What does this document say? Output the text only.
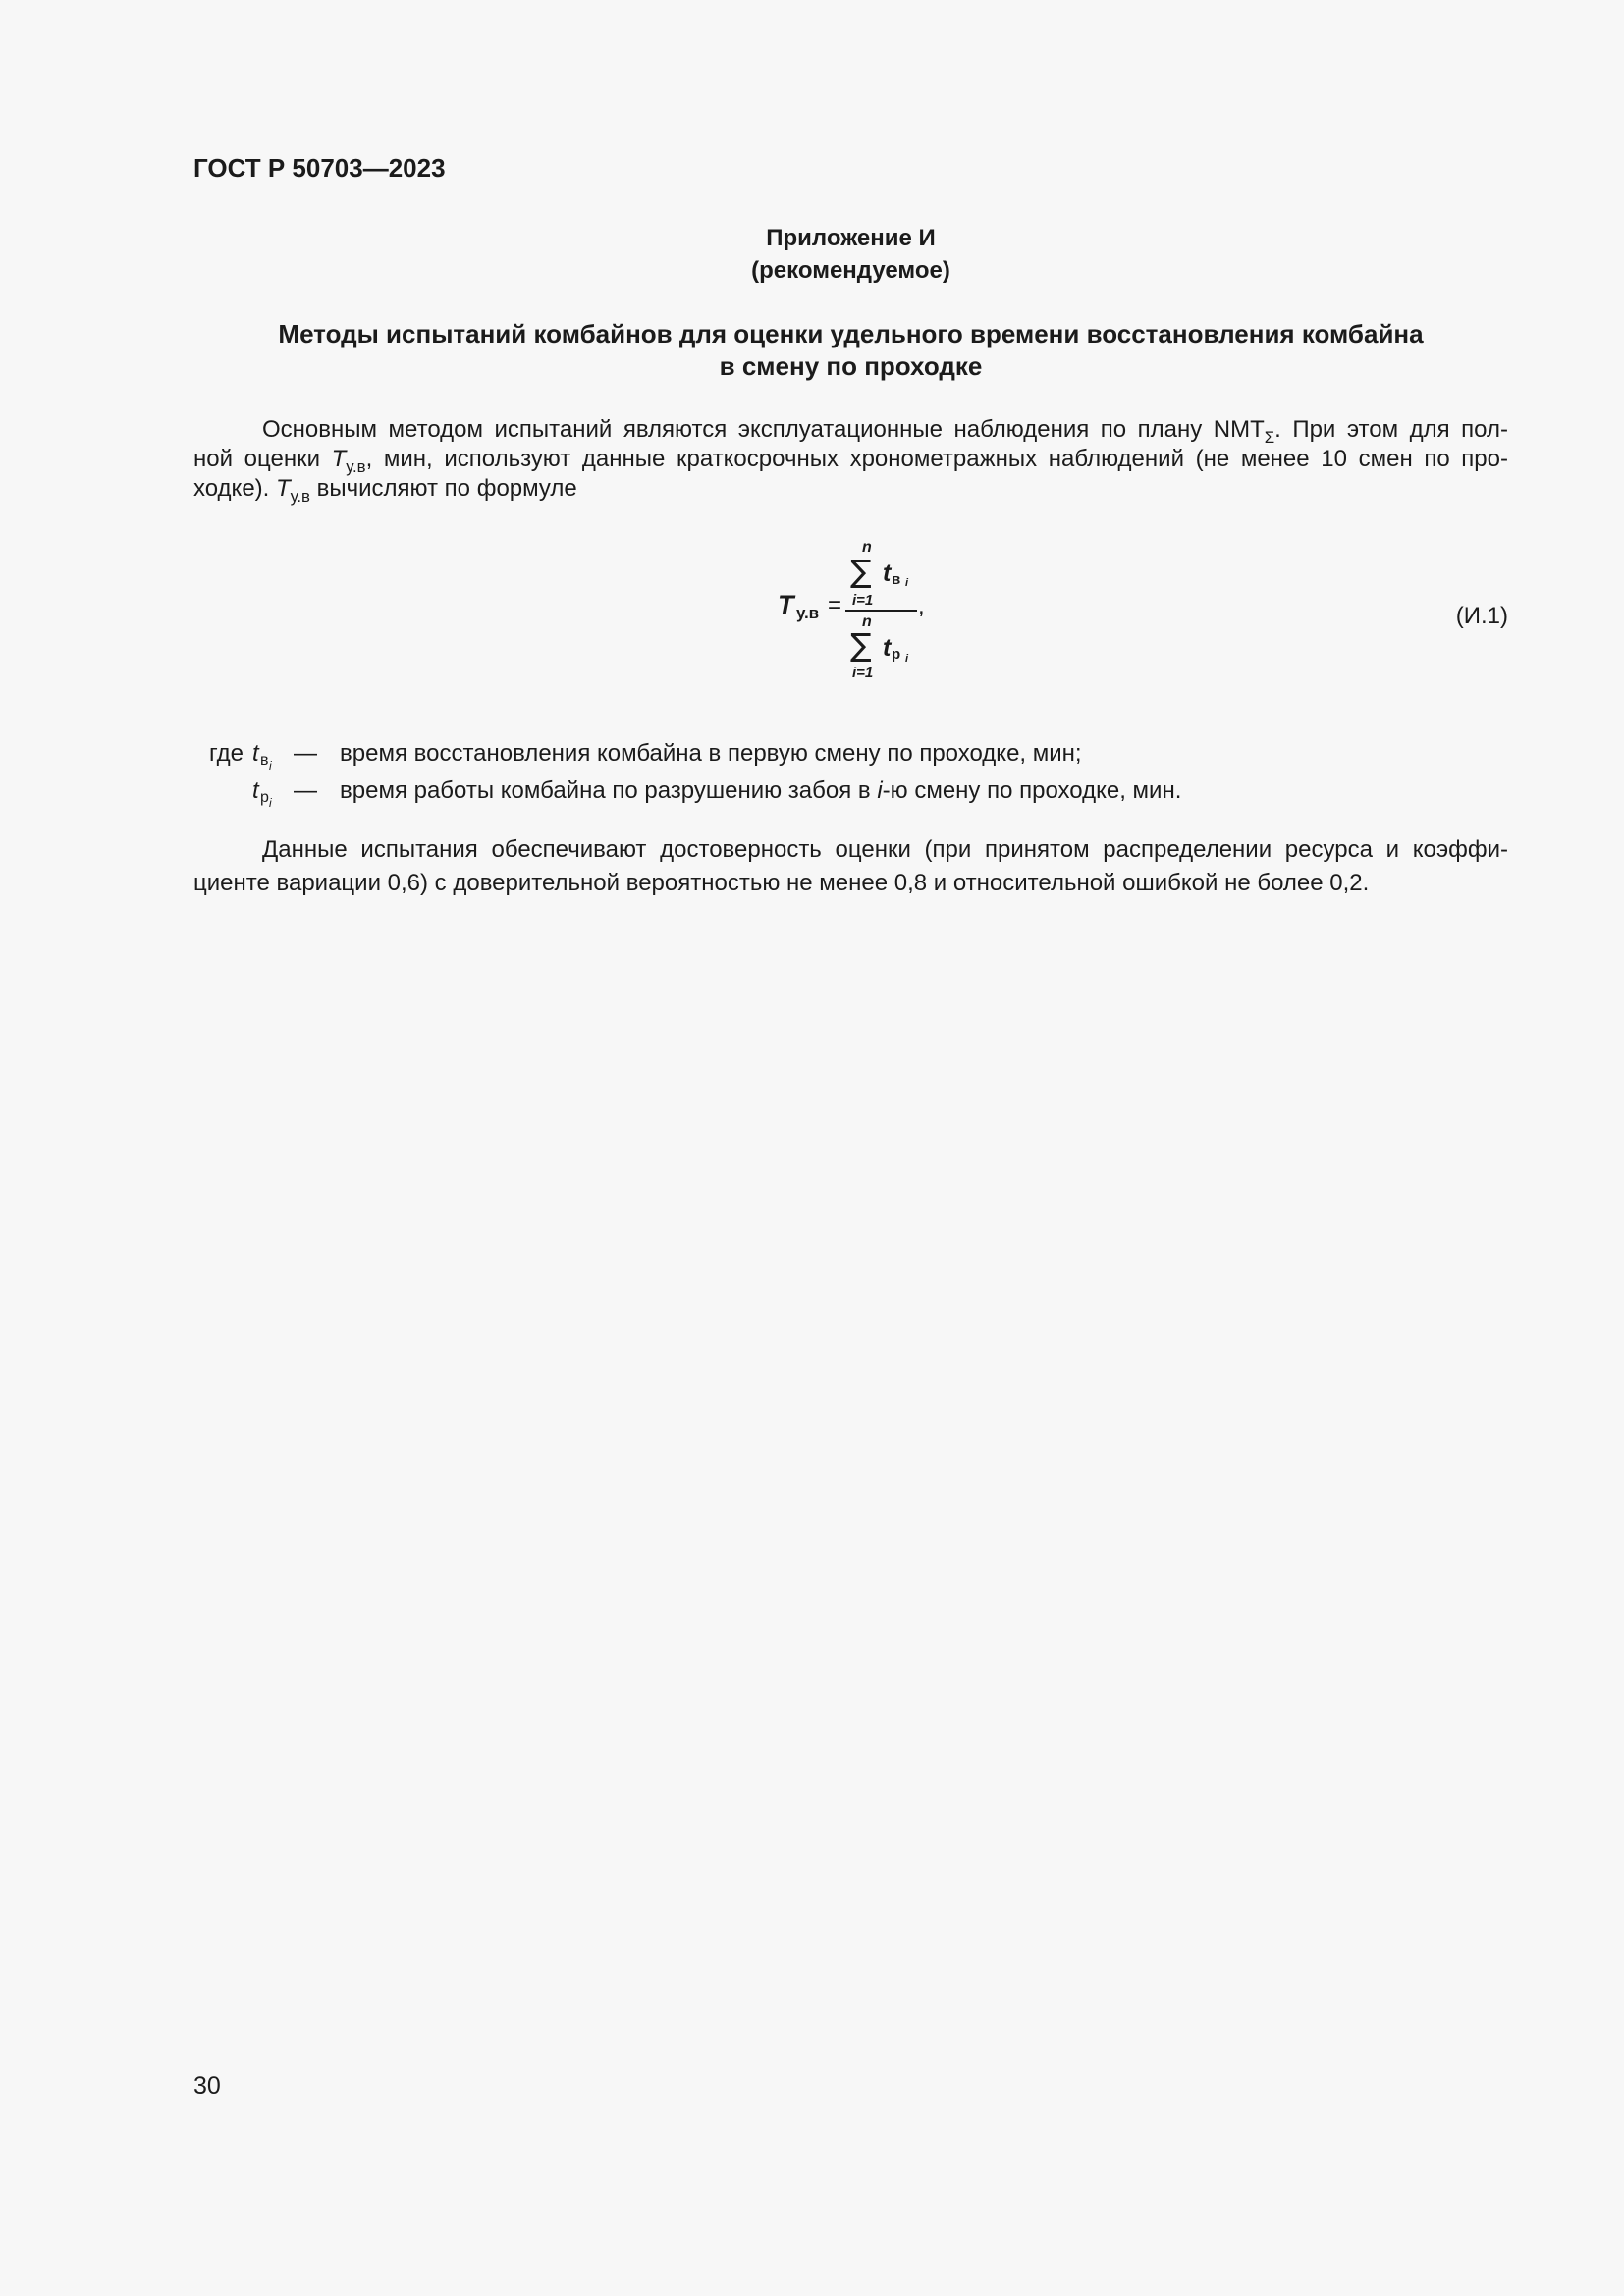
ГОСТ Р 50703—2023
Приложение И
(рекомендуемое)
Методы испытаний комбайнов для оценки удельного времени восстановления комбайна
в смену по проходке
Основным методом испытаний являются эксплуатационные наблюдения по плану $NMT_\Sigma$. При этом для пол-
ной оценки $T_{у.в}$, мин, используют данные краткосрочных хронометражных наблюдений (не менее 10 смен по про-
ходке). $T_{у.в}$ вычисляют по формуле
T у.в =
n
∑
i=1
t в i
,
n
∑
i=1
t р i
(И.1)
где t в i — время восстановления комбайна в первую смену по проходке, мин;
t р i — время работы комбайна по разрушению забоя в i-ю смену по проходке, мин.
Данные испытания обеспечивают достоверность оценки (при принятом распределении ресурса и коэффи-
циенте вариации 0,6) с доверительной вероятностью не менее 0,8 и относительной ошибкой не более 0,2.
30
